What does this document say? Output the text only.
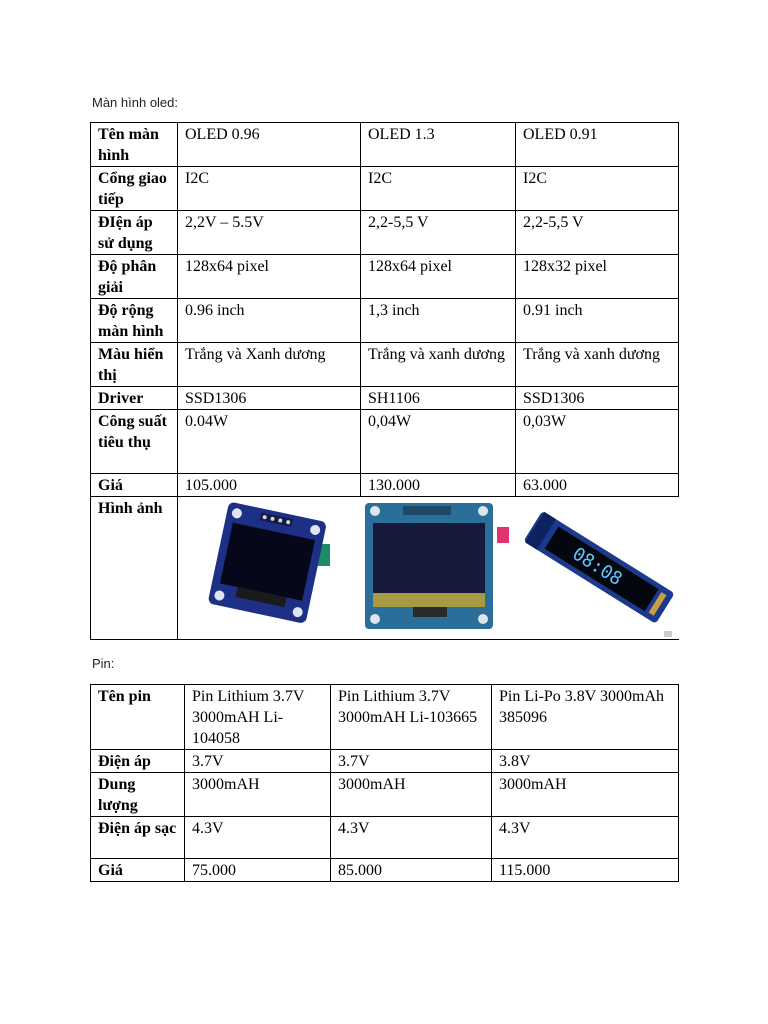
Màn hình oled:
Tên màn hình	OLED 0.96	OLED 1.3	OLED 0.91
Cổng giao tiếp	I2C	I2C	I2C
ĐIện áp sử dụng	2,2V – 5.5V	2,2-5,5 V	2,2-5,5 V
Độ phân giải	128x64 pixel	128x64 pixel	128x32 pixel
Độ rộng màn hình	0.96 inch	1,3 inch	0.91 inch
Màu hiển thị	Trắng và Xanh dương	Trắng và xanh dương	Trắng và xanh dương
Driver	SSD1306	SH1106	SSD1306
Công suất tiêu thụ	0.04W	0,04W	0,03W
Giá	105.000	130.000	63.000
Hình ảnh			08:08
Pin:
Tên pin	Pin Lithium 3.7V 3000mAH Li-104058	Pin Lithium 3.7V 3000mAH Li-103665	Pin Li-Po 3.8V 3000mAh 385096
Điện áp	3.7V	3.7V	3.8V
Dung lượng	3000mAH	3000mAH	3000mAH
Điện áp sạc	4.3V	4.3V	4.3V
Giá	75.000	85.000	115.000
